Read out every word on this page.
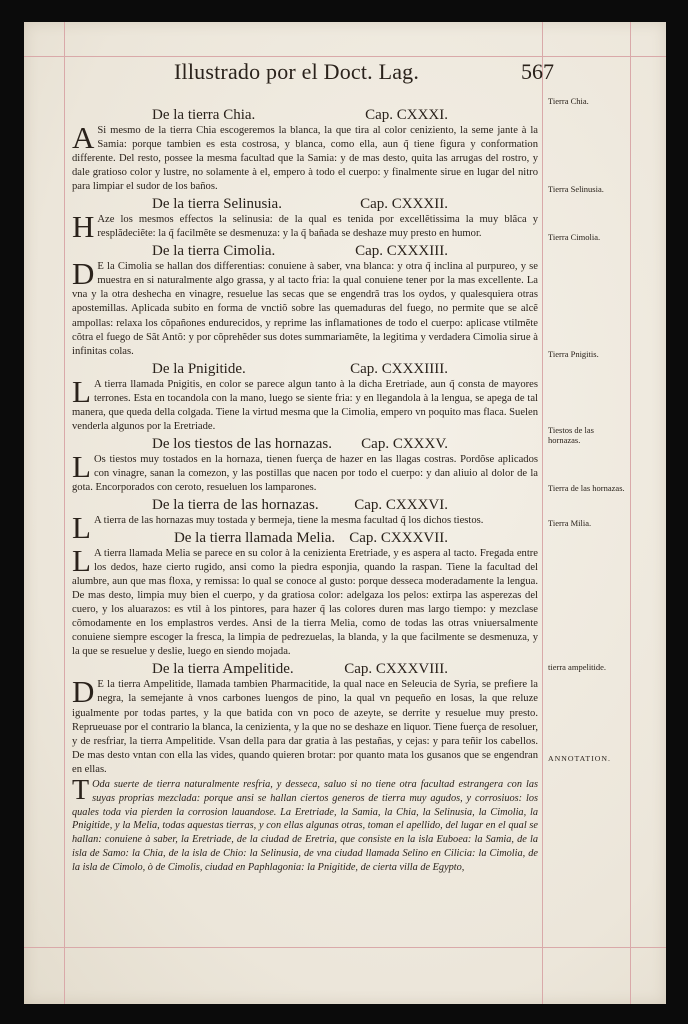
Illustrado por el Doct. Lag.	567
De la tierra Chia.	Cap. CXXXI.

A Si mesmo de la tierra Chia escogeremos la blanca, la que tira al color ceniziento, la seme jante à la Samia: porque tambien es esta costrosa, y blanca, como ella, aun q̃ tiene figura y conformation differente. Del resto, possee la mesma facultad que la Samia: y de mas desto, quita las arrugas del rostro, y dale gratioso color y lustre, no solamente à el, empero à todo el cuerpo: y finalmente sirue en lugar del nitro para limpiar el sudor de los baños.

De la tierra Selinusia.	Cap. CXXXII.

H Aze los mesmos effectos la selinusia: de la qual es tenida por excellẽtissima la muy blãca y resplãdeciẽte: la q̃ facilmẽte se desmenuza: y la q̃ bañada se deshaze muy presto en humor.

De la tierra Cimolia.	Cap. CXXXIII.

D E la Cimolia se hallan dos differentias: conuiene à saber, vna blanca: y otra q̃ inclina al purpureo, y se muestra en si naturalmente algo grassa, y al tacto fria: la qual conuiene tener por la mas excellente. La vna y la otra deshecha en vinagre, resuelue las secas que se engendrã tras los oydos, y qualesquiera otras apostemillas. Aplicada subito en forma de vnctiõ sobre las quemaduras del fuego, no permite que se alcẽ ampollas: relaxa los cõpañones endurecidos, y reprime las inflamationes de todo el cuerpo: aplicase vtilmẽte cõtra el fuego de Sãt Antõ: y por cõprehẽder sus dotes summariamẽte, la legitima y verdadera Cimolia sirue à infinitas colas.

De la Pnigitide.	Cap. CXXXIIII.

L A tierra llamada Pnigitis, en color se parece algun tanto à la dicha Eretriade, aun q̃ consta de mayores terrones. Esta en tocandola con la mano, luego se siente fria: y en llegandola à la lengua, se apega de tal manera, que queda della colgada. Tiene la virtud mesma que la Cimolia, empero vn poquito mas flaca. Suelen venderla algunos por la Eretriade.

De los tiestos de las hornazas. Cap. CXXXV.

L Os tiestos muy tostados en la hornaza, tienen fuerça de hazer en las llagas costras. Pordõse aplicados con vinagre, sanan la comezon, y las postillas que nacen por todo el cuerpo: y dan aliuio al dolor de la gota. Encorporados con ceroto, resueluen los lamparones.

De la tierra de las hornazas. Cap. CXXXVI.

L A tierra de las hornazas muy tostada y bermeja, tiene la mesma facultad q̃ los dichos tiestos.

De la tierra llamada Melia. Cap. CXXXVII.

L A tierra llamada Melia se parece en su color à la cenizienta Eretriade, y es aspera al tacto. Fregada entre los dedos, haze cierto rugido, ansi como la piedra esponjia, quando la raspan. Tiene la facultad del alumbre, aun que mas floxa, y remissa: lo qual se conoce al gusto: porque desseca moderadamente la lengua. De mas desto, limpia muy bien el cuerpo, y da gratiosa color: adelgaza los pelos: extirpa las asperezas del cuero, y los aluarazos: es vtil à los pintores, para hazer q̃ las colores duren mas largo tiempo: y mezclase cõmodamente en los emplastros verdes. Ansi de la tierra Melia, como de todas las otras vniuersalmente conuiene siempre escoger la fresca, la limpia de pedrezuelas, la blanda, y la que facilmente se desmenuza, y la que se resuelue y deslie, luego en siendo mojada.

De la tierra Ampelitide.	Cap. CXXXVIII.

D E la tierra Ampelitide, llamada tambien Pharmacitide, la qual nace en Seleucia de Syria, se prefiere la negra, la semejante à vnos carbones luengos de pino, la qual vn pequeño en losas, la que reluze igualmente por todas partes, y la que batida con vn poco de azeyte, se derrite y resuelue muy presto. Reprueuase por el contrario la blanca, la cenizienta, y la que no se deshaze en liquor. Tiene fuerça de resoluer, y de resfriar, la tierra Ampelitide. Vsan della para dar gratia à las pestañas, y cejas: y para teñir los cabellos. De mas desto vntan con ella las vides, quando quieren brotar: por quanto mata los gusanos que se engendran en ellas.

T Oda suerte de tierra naturalmente resfria, y desseca, saluo si no tiene otra facultad estrangera con las suyas proprias mezclada: porque ansi se hallan ciertos generos de tierra muy agudos, y corrosiuos: los quales toda via pierden la corrosion lauandose. La Eretriade, la Samia, la Chia, la Selinusia, la Cimolia, la Pnigitide, y la Melia, todas aquestas tierras, y con ellas algunas otras, toman el apellido, del lugar en el qual se hallan: conuiene à saber, la Eretriade, de la ciudad de Eretria, que consiste en la isla Euboea: la Samia, de la isla de Samo: la Chia, de la isla de Chio: la Selinusia, de vna ciudad llamada Selino en Cilicia: la Cimolia, de la isla de Cimolo, ò de Cimolis, ciudad en Paphlagonia: la Pnigitide, de cierta villa de Egypto,

Tierra Chia.
Tierra Selinusia.
Tierra Cimolia.
Tierra Pnigitis.
Tiestos de las hornazas.
Tierra de las hornazas.
Tierra Milia.
tierra ampelitide.
ANNOTATION.
